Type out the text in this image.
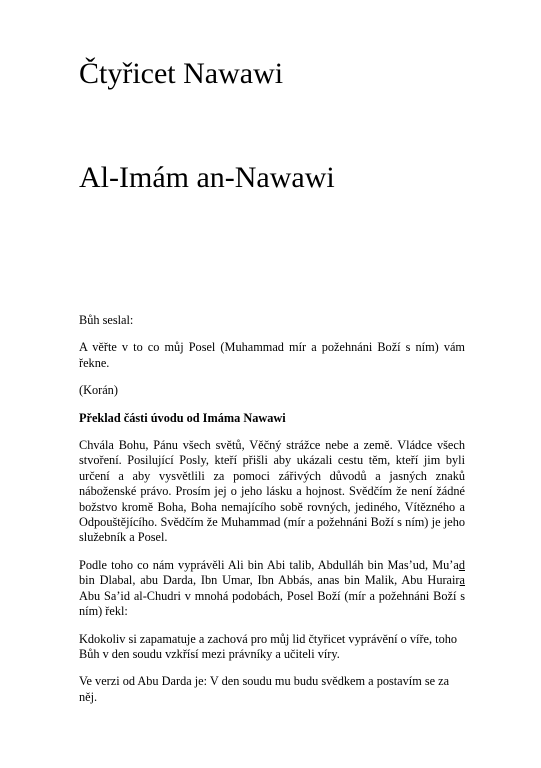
Čtyřicet Nawawi
Al-Imám an-Nawawi

Bůh seslal:

A věřte v to co můj Posel (Muhammad mír a požehnáni Boží s ním) vám řekne.

(Korán)

Překlad části úvodu od Imáma Nawawi

Chvála Bohu, Pánu všech světů, Věčný strážce nebe a země. Vládce všech stvoření. Posilující Posly, kteří přišli aby ukázali cestu těm, kteří jim byli určení a aby vysvětlili za pomoci zářivých důvodů a jasných znaků náboženské právo. Prosím jej o jeho lásku a hojnost. Svědčím že není žádné božstvo kromě Boha, Boha nemajícího sobě rovných, jediného, Vítězného a Odpouštějícího. Svědčím že Muhammad (mír a požehnáni Boží s ním) je jeho služebník a Posel.

Podle toho co nám vyprávěli Ali bin Abi talib, Abdulláh bin Mas’ud, Mu’ad bin Dlabal, abu Darda, Ibn Umar, Ibn Abbás, anas bin Malik, Abu Huraira Abu Sa’id al-Chudri v mnohá podobách, Posel Boží (mír a požehnáni Boží s ním) řekl:

Kdokoliv si zapamatuje a zachová pro můj lid čtyřicet vyprávění o víře, toho Bůh v den soudu vzkřísí mezi právníky a učiteli víry.

Ve verzi od Abu Darda je: V den soudu mu budu svědkem a postavím se za něj.
